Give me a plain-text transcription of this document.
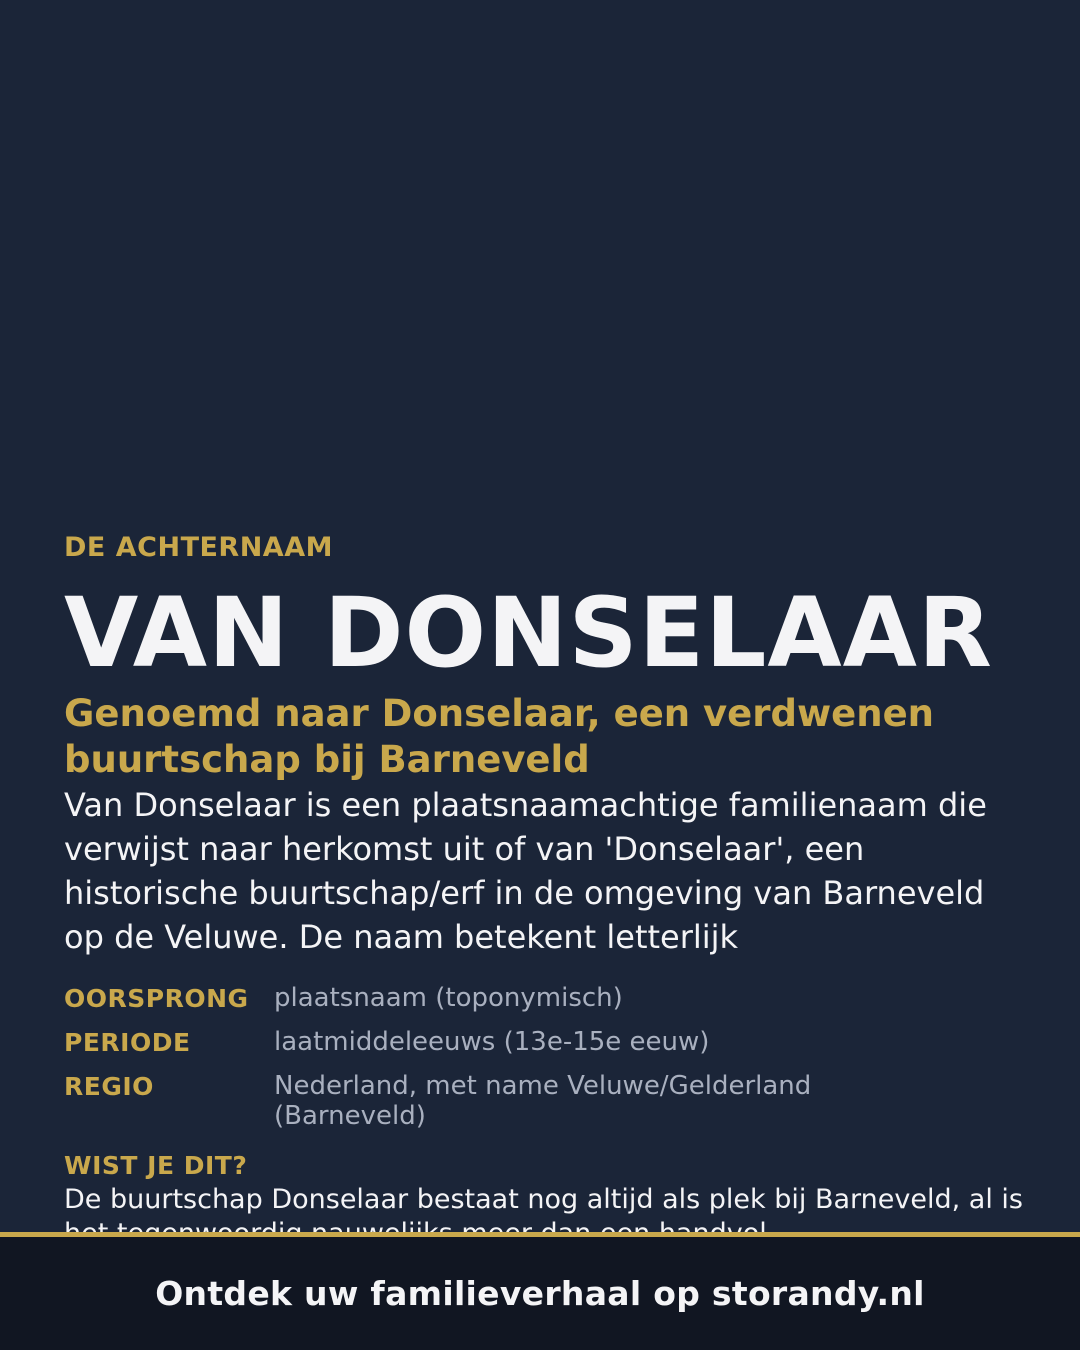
DE ACHTERNAAM

VAN DONSELAAR
Genoemd naar Donselaar, een verdwenen buurtschap bij Barneveld

Van Donselaar is een plaatsnaamachtige familienaam die verwijst naar herkomst uit of van 'Donselaar', een historische buurtschap/erf in de omgeving van Barneveld op de Veluwe. De naam betekent letterlijk

OORSPRONG plaatsnaam (toponymisch)
PERIODE	laatmiddeleeuws (13e-15e eeuw)
REGIO	Nederland, met name Veluwe/Gelderland (Barneveld)
WIST JE DIT?
De buurtschap Donselaar bestaat nog altijd als plek bij Barneveld, al is
Ontdek uw familieverhaal op storandy.nl
